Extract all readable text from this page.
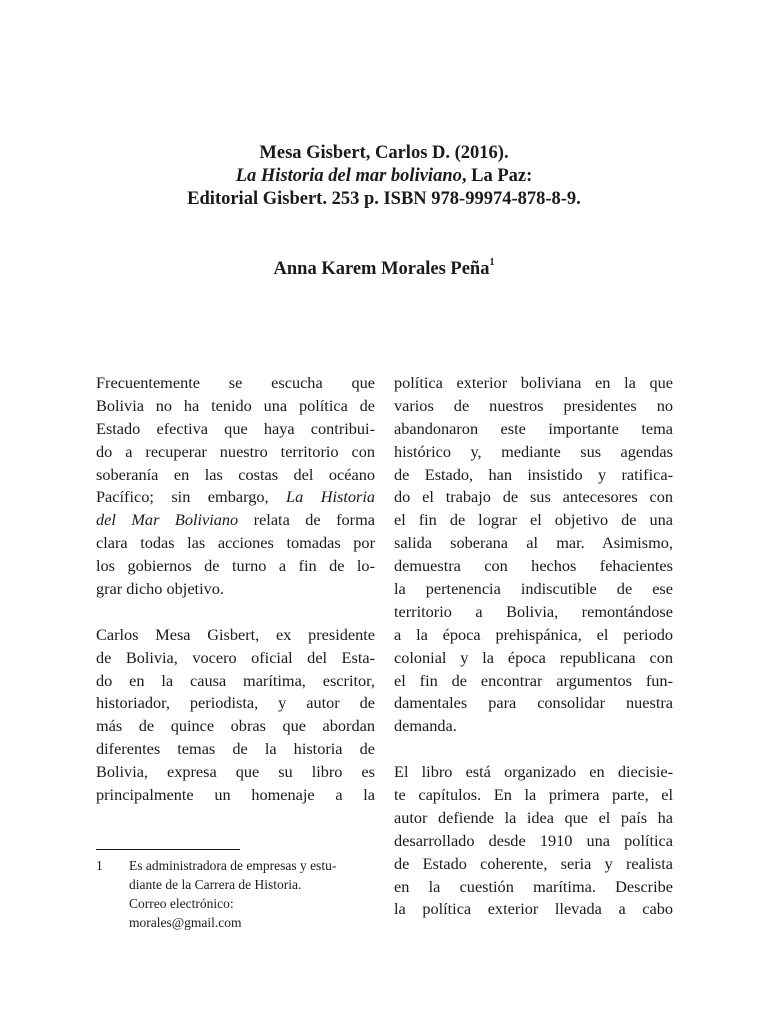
Mesa Gisbert, Carlos D. (2016).
La Historia del mar boliviano, La Paz:
Editorial Gisbert. 253 p. ISBN 978-99974-878-8-9.
Anna Karem Morales Peña$^1$
Frecuentemente se escucha que
Bolivia no ha tenido una política de
Estado efectiva que haya contribui-
do a recuperar nuestro territorio con
soberanía en las costas del océano
Pacífico; sin embargo, La Historia
del Mar Boliviano relata de forma
clara todas las acciones tomadas por
los gobiernos de turno a fin de lo-
grar dicho objetivo.
Carlos Mesa Gisbert, ex presidente
de Bolivia, vocero oficial del Esta-
do en la causa marítima, escritor,
historiador, periodista, y autor de
más de quince obras que abordan
diferentes temas de la historia de
Bolivia, expresa que su libro es
principalmente un homenaje a la
política exterior boliviana en la que
varios de nuestros presidentes no
abandonaron este importante tema
histórico y, mediante sus agendas
de Estado, han insistido y ratifica-
do el trabajo de sus antecesores con
el fin de lograr el objetivo de una
salida soberana al mar. Asimismo,
demuestra con hechos fehacientes
la pertenencia indiscutible de ese
territorio a Bolivia, remontándose
a la época prehispánica, el periodo
colonial y la época republicana con
el fin de encontrar argumentos fun-
damentales para consolidar nuestra
demanda.
El libro está organizado en diecisie-
te capítulos. En la primera parte, el
autor defiende la idea que el país ha
desarrollado desde 1910 una política
de Estado coherente, seria y realista
en la cuestión marítima. Describe
la política exterior llevada a cabo
1 Es administradora de empresas y estu-
diante de la Carrera de Historia.
Correo electrónico:
morales@gmail.com
